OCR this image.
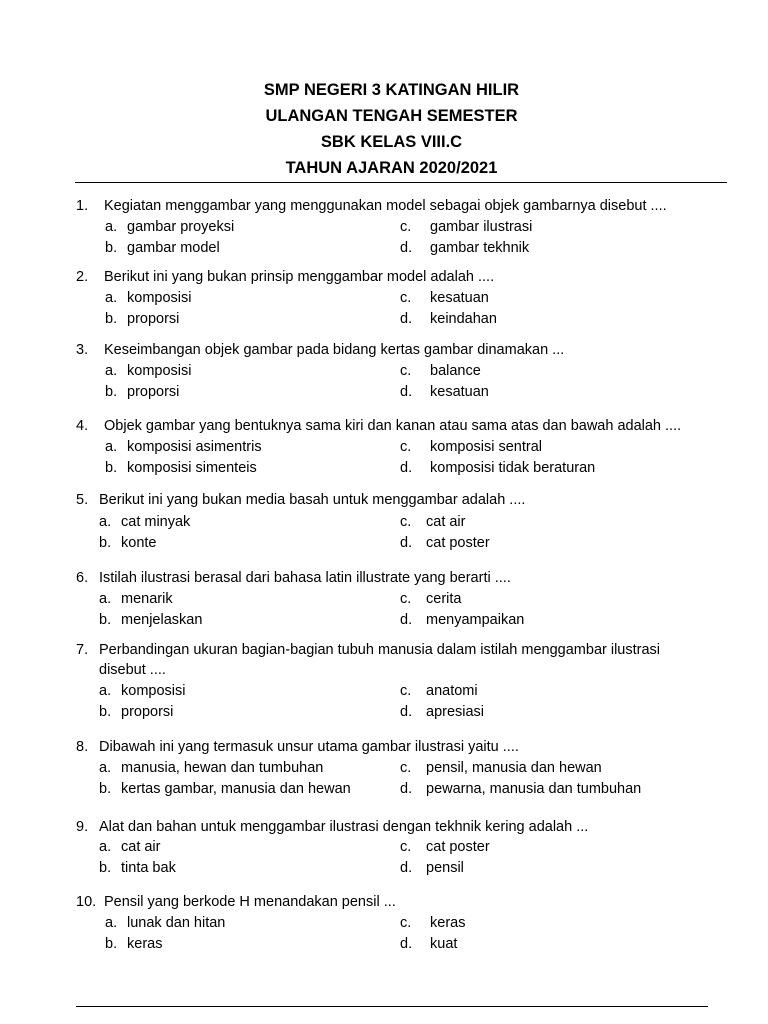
SMP NEGERI 3 KATINGAN HILIR
ULANGAN TENGAH SEMESTER
SBK KELAS VIII.C
TAHUN AJARAN 2020/2021
1. Kegiatan menggambar yang menggunakan model sebagai objek gambarnya disebut ....
a. gambar proyeksi
b. gambar model
c. gambar ilustrasi
d. gambar tekhnik
2. Berikut ini yang bukan prinsip menggambar model adalah ....
a. komposisi
b. proporsi
c. kesatuan
d. keindahan
3. Keseimbangan objek gambar pada bidang kertas gambar dinamakan ...
a. komposisi
b. proporsi
c. balance
d. kesatuan
4. Objek gambar yang bentuknya sama kiri dan kanan atau sama atas dan bawah adalah ....
a. komposisi asimentris
b. komposisi simenteis
c. komposisi sentral
d. komposisi tidak beraturan
5. Berikut ini yang bukan media basah untuk menggambar adalah ....
a. cat minyak
b. konte
c. cat air
d. cat poster
6. Istilah ilustrasi berasal dari bahasa latin illustrate yang berarti ....
a. menarik
b. menjelaskan
c. cerita
d. menyampaikan
7. Perbandingan ukuran bagian-bagian tubuh manusia dalam istilah menggambar ilustrasi disebut ....
a. komposisi
b. proporsi
c. anatomi
d. apresiasi
8. Dibawah ini yang termasuk unsur utama gambar ilustrasi yaitu ....
a. manusia, hewan dan tumbuhan
b. kertas gambar, manusia dan hewan
c. pensil, manusia dan hewan
d. pewarna, manusia dan tumbuhan
9. Alat dan bahan untuk menggambar ilustrasi dengan tekhnik kering adalah ...
a. cat air
b. tinta bak
c. cat poster
d. pensil
10. Pensil yang berkode H menandakan pensil ...
a. lunak dan hitan
b. keras
c. keras
d. kuat
